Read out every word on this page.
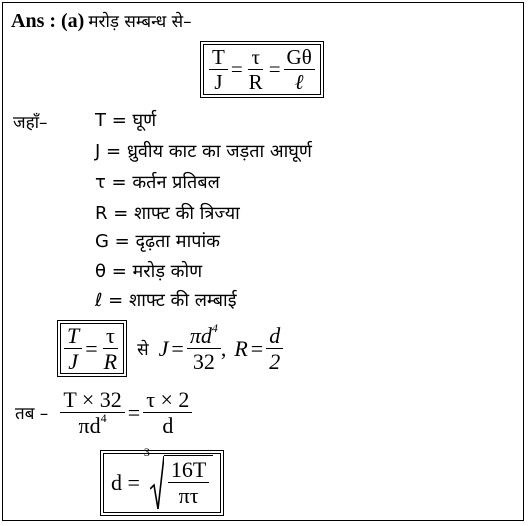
Ans : (a) मरोड़ सम्बन्ध से–
$\frac{T}{J} = \frac{\tau}{R} = \frac{G\theta}{\text{ℓ}}$
जहाँ–	T = घूर्ण
J = ध्रुवीय काट का जड़ता आघूर्ण
τ = कर्तन प्रतिबल
R = शाफ्ट की त्रिज्या
G = दृढ़ता मापांक
θ = मरोड़ कोण
ℓ = शाफ्ट की लम्बाई
$\frac{T}{J} = \frac{\tau}{R}$ से $J = \frac{\pi d^4}{32}$ , $R = \frac{d}{2}$
तब – $\frac{T \times 32}{\pi d^4} = \frac{\tau \times 2}{d}$
d =
3
$\frac{16T}{\pi\tau}$
